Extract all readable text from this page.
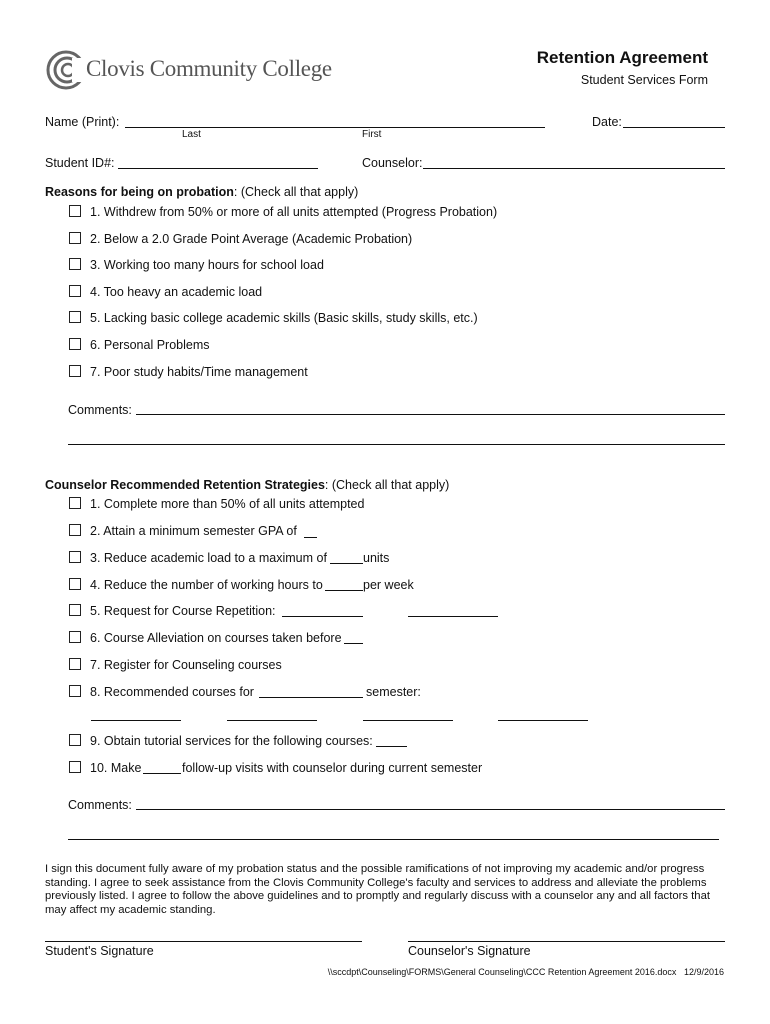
Clovis Community College	Retention Agreement
Student Services Form
Name (Print):
Last	First
Date:
Student ID#:	Counselor:
Reasons for being on probation: (Check all that apply)
1. Withdrew from 50% or more of all units attempted (Progress Probation)
2. Below a 2.0 Grade Point Average (Academic Probation)
3. Working too many hours for school load
4. Too heavy an academic load
5. Lacking basic college academic skills (Basic skills, study skills, etc.)
6. Personal Problems
7. Poor study habits/Time management
Comments:
Counselor Recommended Retention Strategies: (Check all that apply)
1. Complete more than 50% of all units attempted
2. Attain a minimum semester GPA of
3. Reduce academic load to a maximum of	units
4. Reduce the number of working hours to	per week
5. Request for Course Repetition:
6. Course Alleviation on courses taken before
7. Register for Counseling courses
8. Recommended courses for	semester:
9. Obtain tutorial services for the following courses:
10. Make	follow-up visits with counselor during current semester
Comments:
I sign this document fully aware of my probation status and the possible ramifications of not improving my academic and/or progress standing. I agree to seek assistance from the Clovis Community College's faculty and services to address and alleviate the problems previously listed. I agree to follow the above guidelines and to promptly and regularly discuss with a counselor any and all factors that may affect my academic standing.
Student's Signature	Counselor's Signature
\\sccdpt\Counseling\FORMS\General Counseling\CCC Retention Agreement 2016.docx 12/9/2016
